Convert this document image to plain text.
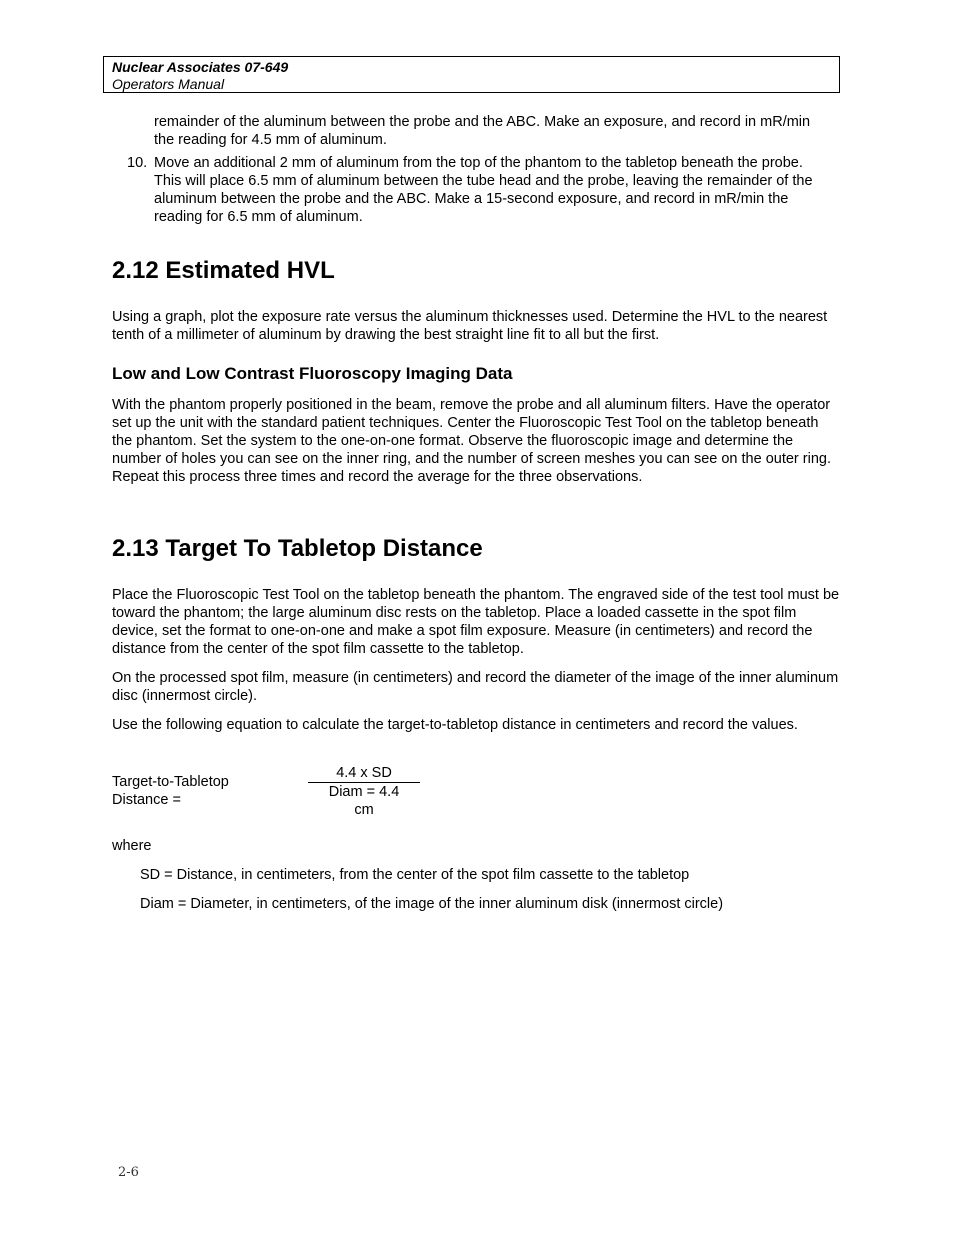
Nuclear Associates 07-649
Operators Manual
remainder of the aluminum between the probe and the ABC. Make an exposure, and record in mR/min the reading for 4.5 mm of aluminum.
10. Move an additional 2 mm of aluminum from the top of the phantom to the tabletop beneath the probe. This will place 6.5 mm of aluminum between the tube head and the probe, leaving the remainder of the aluminum between the probe and the ABC. Make a 15-second exposure, and record in mR/min the reading for 6.5 mm of aluminum.
2.12 Estimated HVL
Using a graph, plot the exposure rate versus the aluminum thicknesses used. Determine the HVL to the nearest tenth of a millimeter of aluminum by drawing the best straight line fit to all but the first.
Low and Low Contrast Fluoroscopy Imaging Data
With the phantom properly positioned in the beam, remove the probe and all aluminum filters. Have the operator set up the unit with the standard patient techniques. Center the Fluoroscopic Test Tool on the tabletop beneath the phantom. Set the system to the one-on-one format. Observe the fluoroscopic image and determine the number of holes you can see on the inner ring, and the number of screen meshes you can see on the outer ring. Repeat this process three times and record the average for the three observations.
2.13 Target To Tabletop Distance
Place the Fluoroscopic Test Tool on the tabletop beneath the phantom. The engraved side of the test tool must be toward the phantom; the large aluminum disc rests on the tabletop. Place a loaded cassette in the spot film device, set the format to one-on-one and make a spot film exposure. Measure (in centimeters) and record the distance from the center of the spot film cassette to the tabletop.
On the processed spot film, measure (in centimeters) and record the diameter of the image of the inner aluminum disc (innermost circle).
Use the following equation to calculate the target-to-tabletop distance in centimeters and record the values.
Target-to-Tabletop
Distance =
4.4 x SD
Diam = 4.4
cm
where
SD = Distance, in centimeters, from the center of the spot film cassette to the tabletop
Diam = Diameter, in centimeters, of the image of the inner aluminum disk (innermost circle)
2-6
